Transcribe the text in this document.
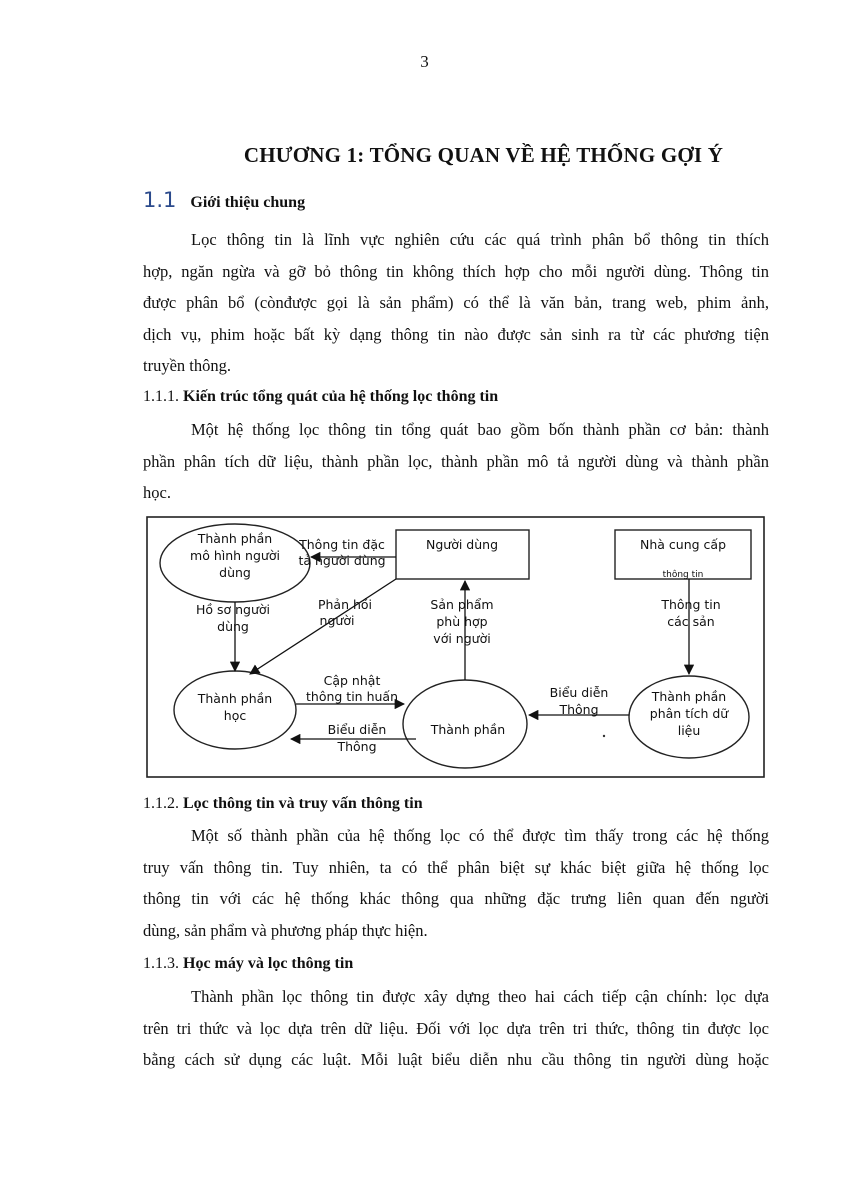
3
CHƯƠNG 1: TỔNG QUAN VỀ HỆ THỐNG GỢI Ý
1.1 Giới thiệu chung
Lọc thông tin là lĩnh vực nghiên cứu các quá trình phân bổ thông tin thích
hợp, ngăn ngừa và gỡ bỏ thông tin không thích hợp cho mỗi người dùng. Thông tin
được phân bổ (cònđược gọi là sản phẩm) có thể là văn bản, trang web, phim ảnh,
dịch vụ, phim hoặc bất kỳ dạng thông tin nào được sản sinh ra từ các phương tiện
truyền thông.
1.1.1. Kiến trúc tổng quát của hệ thống lọc thông tin
Một hệ thống lọc thông tin tổng quát bao gồm bốn thành phần cơ bản: thành
phần phân tích dữ liệu, thành phần lọc, thành phần mô tả người dùng và thành phần
học.
Thành phần
mô hình người
dùng
Người dùng	Nhà cung cấp
thông tin
Thành phần
học
Thành phần
Thành phần
phân tích dữ
liệu
Thông tin đặc
tả người dùng
Hồ sơ người
dùng
Phản hồi
người
Sản phẩm
phù hợp
với người
Thông tin
các sản
Cập nhật
thông tin huấn
Biểu diễn
Thông
Biểu diễn
Thông
1.1.2. Lọc thông tin và truy vấn thông tin
Một số thành phần của hệ thống lọc có thể được tìm thấy trong các hệ thống
truy vấn thông tin. Tuy nhiên, ta có thể phân biệt sự khác biệt giữa hệ thống lọc
thông tin với các hệ thống khác thông qua những đặc trưng liên quan đến người
dùng, sản phẩm và phương pháp thực hiện.
1.1.3. Học máy và lọc thông tin
Thành phần lọc thông tin được xây dựng theo hai cách tiếp cận chính: lọc dựa
trên tri thức và lọc dựa trên dữ liệu. Đối với lọc dựa trên tri thức, thông tin được lọc
bằng cách sử dụng các luật. Mỗi luật biểu diễn nhu cầu thông tin người dùng hoặc
